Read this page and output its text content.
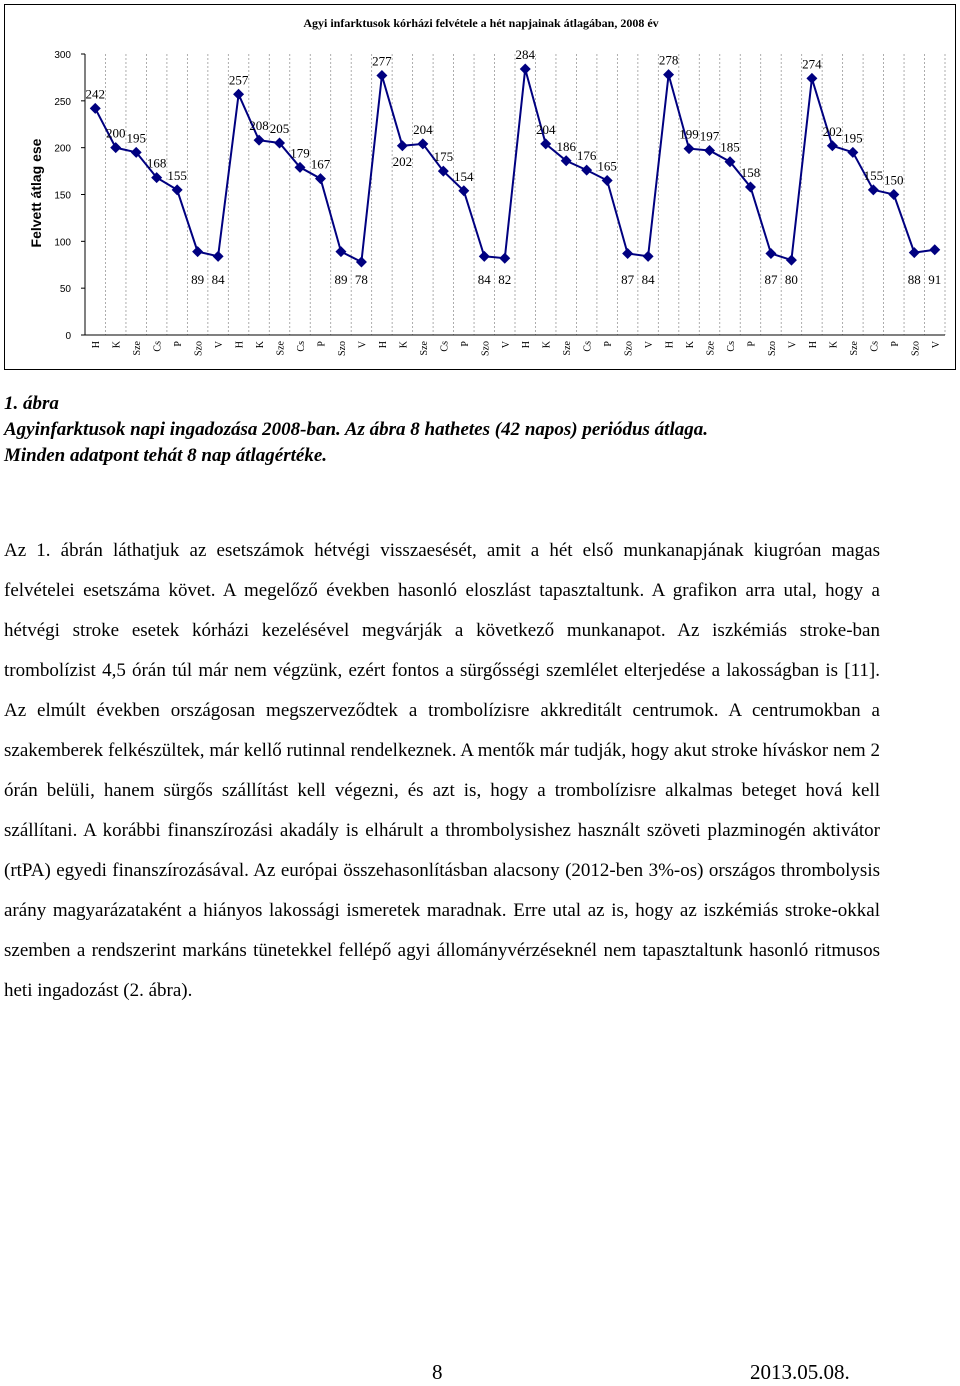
Agyi infarktusok kórházi felvétele a hét napjainak átlagában, 2008 év
Felvett átlag ese
0
50
100
150
200
250
300
H K Sze Cs P Szo V H K Sze Cs P Szo V H K Sze Cs P Szo V H K Sze Cs P Szo V H K Sze Cs P Szo V H K Sze Cs P Szo V
242
200 195
168
155
89 84
257
208 205
179
167
89 78
277
202
204
175
154
84 82
284
204
186
176
165
87 84
278
199 197
185
158
87 80
274
202 195
155 150
88 91
1. ábra
Agyinfarktusok napi ingadozása 2008-ban. Az ábra 8 hathetes (42 napos) periódus átlaga.
Minden adatpont tehát 8 nap átlagértéke.

Az 1. ábrán láthatjuk az esetszámok hétvégi visszaesését, amit a hét első munkanapjának kiugróan magas felvételei esetszáma követ. A megelőző években hasonló eloszlást tapasztaltunk. A grafikon arra utal, hogy a hétvégi stroke esetek kórházi kezelésével megvárják a következő munkanapot. Az iszkémiás stroke-ban trombolízist 4,5 órán túl már nem végzünk, ezért fontos a sürgősségi szemlélet elterjedése a lakosságban is [11]. Az elmúlt években országosan megszerveződtek a trombolízisre akkreditált centrumok. A centrumokban a szakemberek felkészültek, már kellő rutinnal rendelkeznek. A mentők már tudják, hogy akut stroke híváskor nem 2 órán belüli, hanem sürgős szállítást kell végezni, és azt is, hogy a trombolízisre alkalmas beteget hová kell szállítani. A korábbi finanszírozási akadály is elhárult a thrombolysishez használt szöveti plazminogén aktivátor (rtPA) egyedi finanszírozásával. Az európai összehasonlításban alacsony (2012-ben 3%-os) országos thrombolysis arány magyarázataként a hiányos lakossági ismeretek maradnak. Erre utal az is, hogy az iszkémiás stroke-okkal szemben a rendszerint markáns tünetekkel fellépő agyi állományvérzéseknél nem tapasztaltunk hasonló ritmusos heti ingadozást (2. ábra).

8	2013.05.08.
